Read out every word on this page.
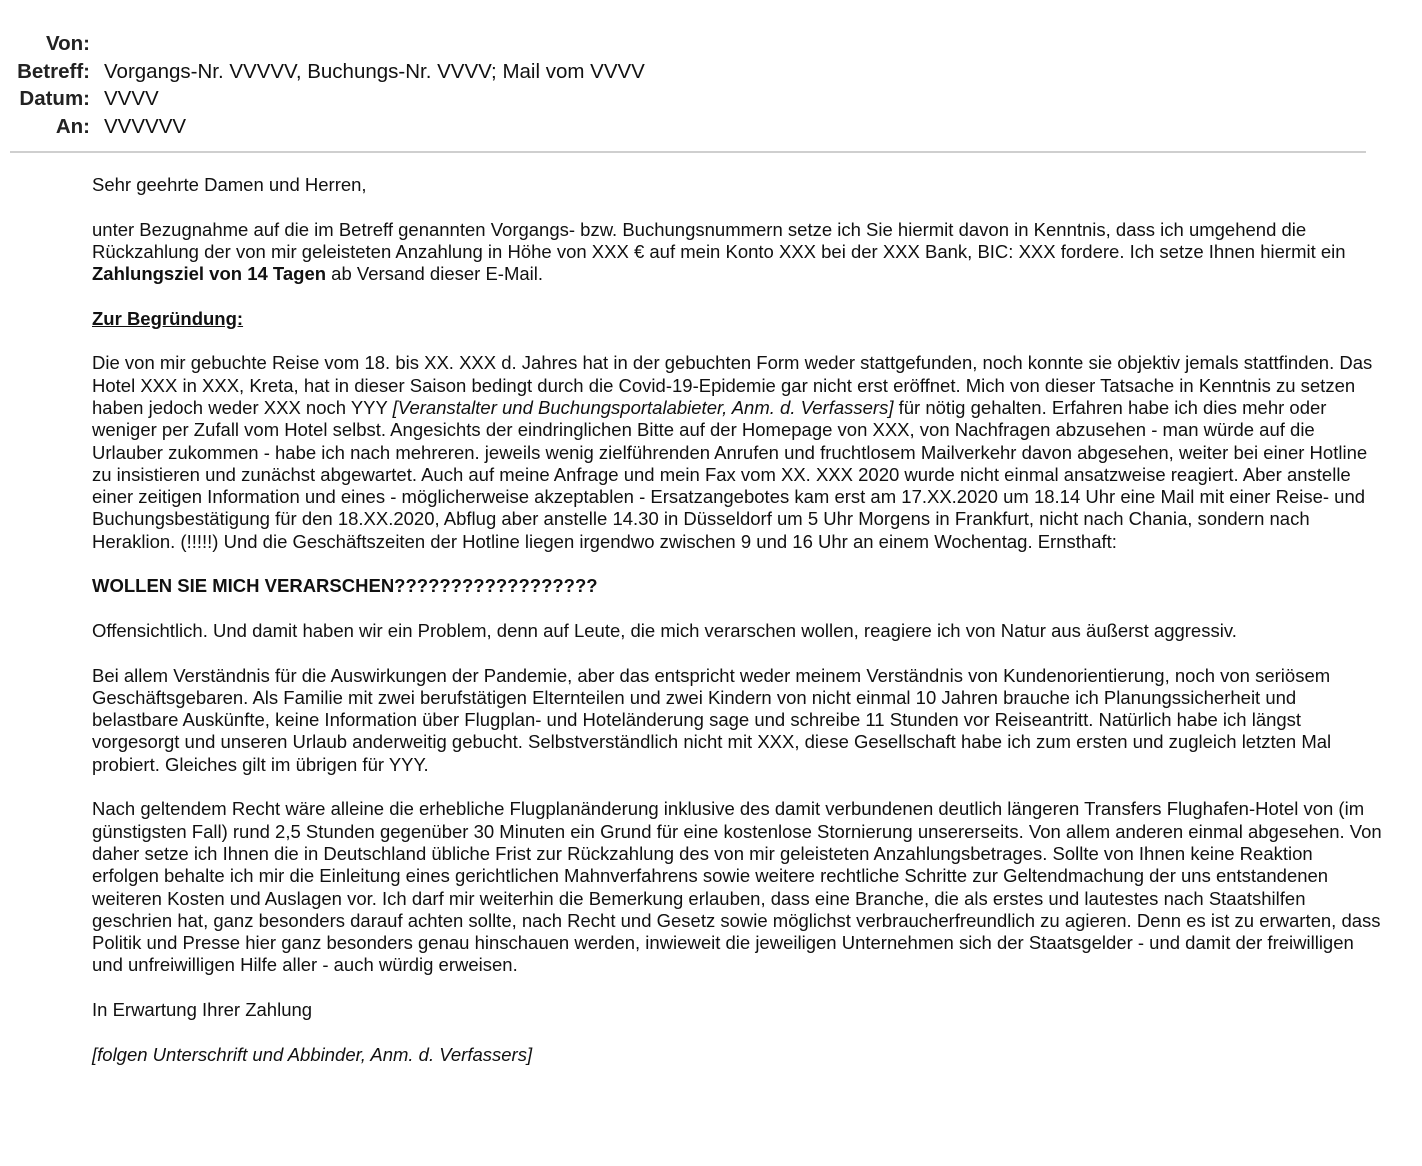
Von:
Betreff: Vorgangs-Nr. VVVVV, Buchungs-Nr. VVVV; Mail vom VVVV
Datum: VVVV
An: VVVVVV

Sehr geehrte Damen und Herren,

unter Bezugnahme auf die im Betreff genannten Vorgangs- bzw. Buchungsnummern setze ich Sie hiermit davon in Kenntnis, dass ich umgehend die Rückzahlung der von mir geleisteten Anzahlung in Höhe von XXX € auf mein Konto XXX bei der XXX Bank, BIC: XXX fordere. Ich setze Ihnen hiermit ein Zahlungsziel von 14 Tagen ab Versand dieser E-Mail.

Zur Begründung:

Die von mir gebuchte Reise vom 18. bis XX. XXX d. Jahres hat in der gebuchten Form weder stattgefunden, noch konnte sie objektiv jemals stattfinden. Das Hotel XXX in XXX, Kreta, hat in dieser Saison bedingt durch die Covid-19-Epidemie gar nicht erst eröffnet. Mich von dieser Tatsache in Kenntnis zu setzen haben jedoch weder XXX noch YYY [Veranstalter und Buchungsportalabieter, Anm. d. Verfassers] für nötig gehalten. Erfahren habe ich dies mehr oder weniger per Zufall vom Hotel selbst. Angesichts der eindringlichen Bitte auf der Homepage von XXX, von Nachfragen abzusehen - man würde auf die Urlauber zukommen - habe ich nach mehreren. jeweils wenig zielführenden Anrufen und fruchtlosem Mailverkehr davon abgesehen, weiter bei einer Hotline zu insistieren und zunächst abgewartet. Auch auf meine Anfrage und mein Fax vom XX. XXX 2020 wurde nicht einmal ansatzweise reagiert. Aber anstelle einer zeitigen Information und eines - möglicherweise akzeptablen - Ersatzangebotes kam erst am 17.XX.2020 um 18.14 Uhr eine Mail mit einer Reise- und Buchungsbestätigung für den 18.XX.2020, Abflug aber anstelle 14.30 in Düsseldorf um 5 Uhr Morgens in Frankfurt, nicht nach Chania, sondern nach Heraklion. (!!!!!) Und die Geschäftszeiten der Hotline liegen irgendwo zwischen 9 und 16 Uhr an einem Wochentag. Ernsthaft:

WOLLEN SIE MICH VERARSCHEN??????????????????

Offensichtlich. Und damit haben wir ein Problem, denn auf Leute, die mich verarschen wollen, reagiere ich von Natur aus äußerst aggressiv.

Bei allem Verständnis für die Auswirkungen der Pandemie, aber das entspricht weder meinem Verständnis von Kundenorientierung, noch von seriösem Geschäftsgebaren. Als Familie mit zwei berufstätigen Elternteilen und zwei Kindern von nicht einmal 10 Jahren brauche ich Planungssicherheit und belastbare Auskünfte, keine Information über Flugplan- und Hoteländerung sage und schreibe 11 Stunden vor Reiseantritt. Natürlich habe ich längst vorgesorgt und unseren Urlaub anderweitig gebucht. Selbstverständlich nicht mit XXX, diese Gesellschaft habe ich zum ersten und zugleich letzten Mal probiert. Gleiches gilt im übrigen für YYY.

Nach geltendem Recht wäre alleine die erhebliche Flugplanänderung inklusive des damit verbundenen deutlich längeren Transfers Flughafen-Hotel von (im günstigsten Fall) rund 2,5 Stunden gegenüber 30 Minuten ein Grund für eine kostenlose Stornierung unsererseits. Von allem anderen einmal abgesehen. Von daher setze ich Ihnen die in Deutschland übliche Frist zur Rückzahlung des von mir geleisteten Anzahlungsbetrages. Sollte von Ihnen keine Reaktion erfolgen behalte ich mir die Einleitung eines gerichtlichen Mahnverfahrens sowie weitere rechtliche Schritte zur Geltendmachung der uns entstandenen weiteren Kosten und Auslagen vor. Ich darf mir weiterhin die Bemerkung erlauben, dass eine Branche, die als erstes und lautestes nach Staatshilfen geschrien hat, ganz besonders darauf achten sollte, nach Recht und Gesetz sowie möglichst verbraucherfreundlich zu agieren. Denn es ist zu erwarten, dass Politik und Presse hier ganz besonders genau hinschauen werden, inwieweit die jeweiligen Unternehmen sich der Staatsgelder - und damit der freiwilligen und unfreiwilligen Hilfe aller - auch würdig erweisen.

In Erwartung Ihrer Zahlung

[folgen Unterschrift und Abbinder, Anm. d. Verfassers]
